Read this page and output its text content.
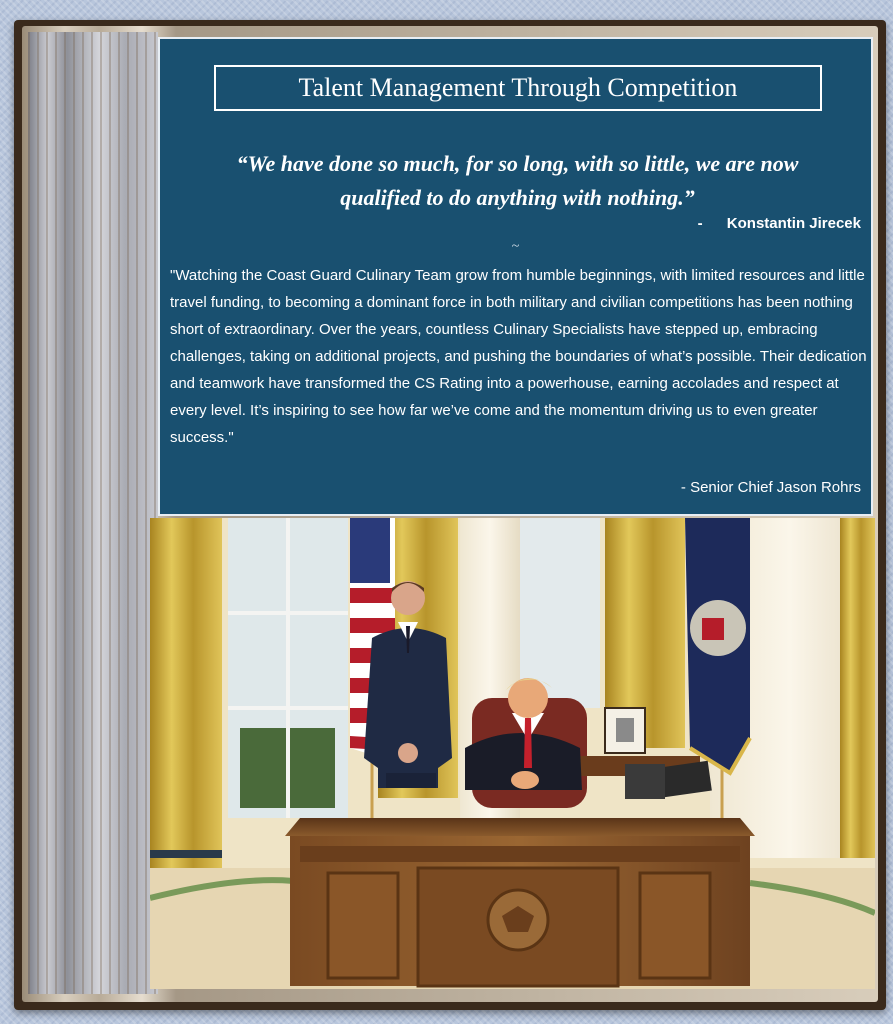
Talent Management Through Competition
“We have done so much, for so long, with so little, we are now
qualified to do anything with nothing.”
- Konstantin Jirecek
~
"Watching the Coast Guard Culinary Team grow from humble beginnings, with limited resources and little travel funding, to becoming a dominant force in both military and civilian competitions has been nothing short of extraordinary. Over the years, countless Culinary Specialists have stepped up, embracing challenges, taking on additional projects, and pushing the boundaries of what’s possible. Their dedication and teamwork have transformed the CS Rating into a powerhouse, earning accolades and respect at every level. It’s inspiring to see how far we’ve come and the momentum driving us to even greater success."
- Senior Chief Jason Rohrs
